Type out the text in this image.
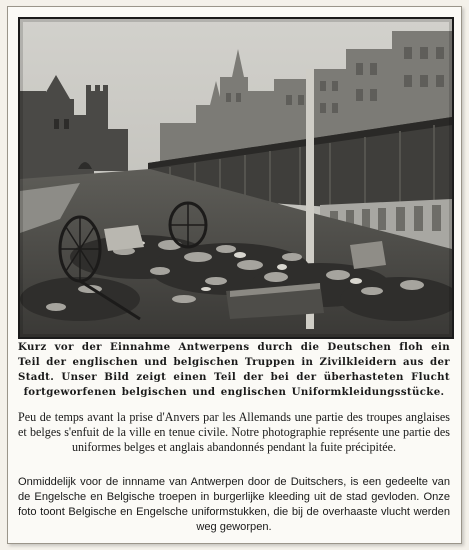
Kurz vor der Einnahme Antwerpens durch die Deutschen floh ein Teil der englischen und belgischen Truppen in Zivilkleidern aus der Stadt. Unser Bild zeigt einen Teil der bei der überhasteten Flucht fortgeworfenen belgischen und englischen Uniformkleidungsstücke.
Peu de temps avant la prise d'Anvers par les Allemands une partie des troupes anglaises et belges s'enfuit de la ville en tenue civile. Notre photographie représente une partie des uniformes belges et anglais abandonnés pendant la fuite précipitée.
Onmiddelijk voor de innname van Antwerpen door de Duitschers, is een gedeelte van de Engelsche en Belgische troepen in burgerlijke kleeding uit de stad gevloden. Onze foto toont Belgische en Engelsche uniformstukken, die bij de overhaaste vlucht werden weg geworpen.
